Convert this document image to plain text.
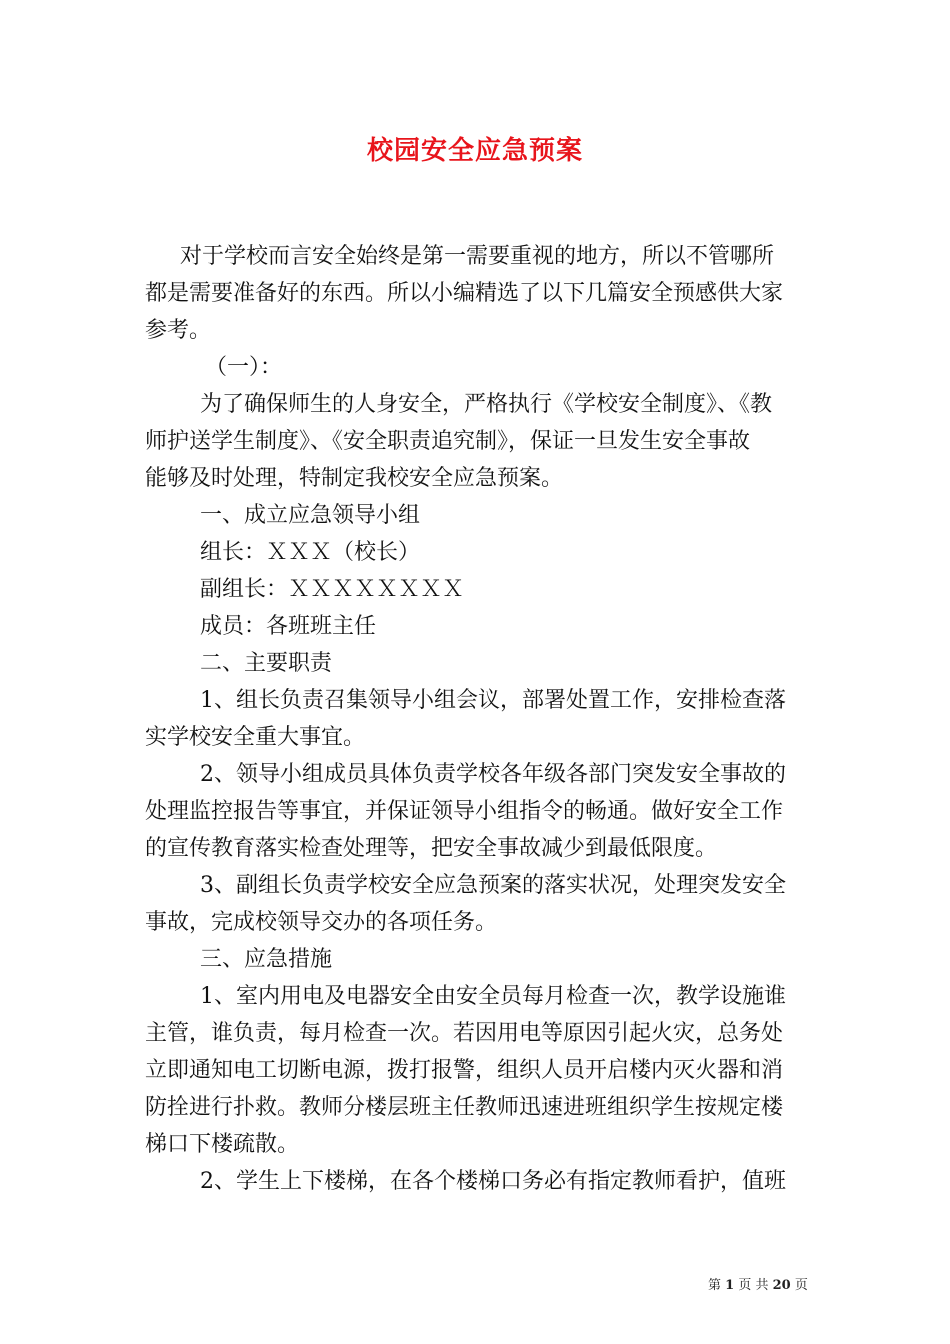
校园安全应急预案
对于学校而言安全始终是第一需要重视的地方，所以不管哪所
都是需要准备好的东西。所以小编精选了以下几篇安全预感供大家
参考。
（一）：
为了确保师生的人身安全，严格执行《学校安全制度》、《教
师护送学生制度》、《安全职责追究制》，保证一旦发生安全事故
能够及时处理，特制定我校安全应急预案。
一、成立应急领导小组
组长：ＸＸＸ（校长）
副组长：ＸＸＸＸＸＸＸＸ
成员：各班班主任
二、主要职责
1、组长负责召集领导小组会议，部署处置工作，安排检查落
实学校安全重大事宜。
2、领导小组成员具体负责学校各年级各部门突发安全事故的
处理监控报告等事宜，并保证领导小组指令的畅通。做好安全工作
的宣传教育落实检查处理等，把安全事故减少到最低限度。
3、副组长负责学校安全应急预案的落实状况，处理突发安全
事故，完成校领导交办的各项任务。
三、应急措施
1、室内用电及电器安全由安全员每月检查一次，教学设施谁
主管，谁负责，每月检查一次。若因用电等原因引起火灾，总务处
立即通知电工切断电源，拨打报警，组织人员开启楼内灭火器和消
防拴进行扑救。教师分楼层班主任教师迅速进班组织学生按规定楼
梯口下楼疏散。
2、学生上下楼梯，在各个楼梯口务必有指定教师看护，值班
第 1 页 共 20 页
